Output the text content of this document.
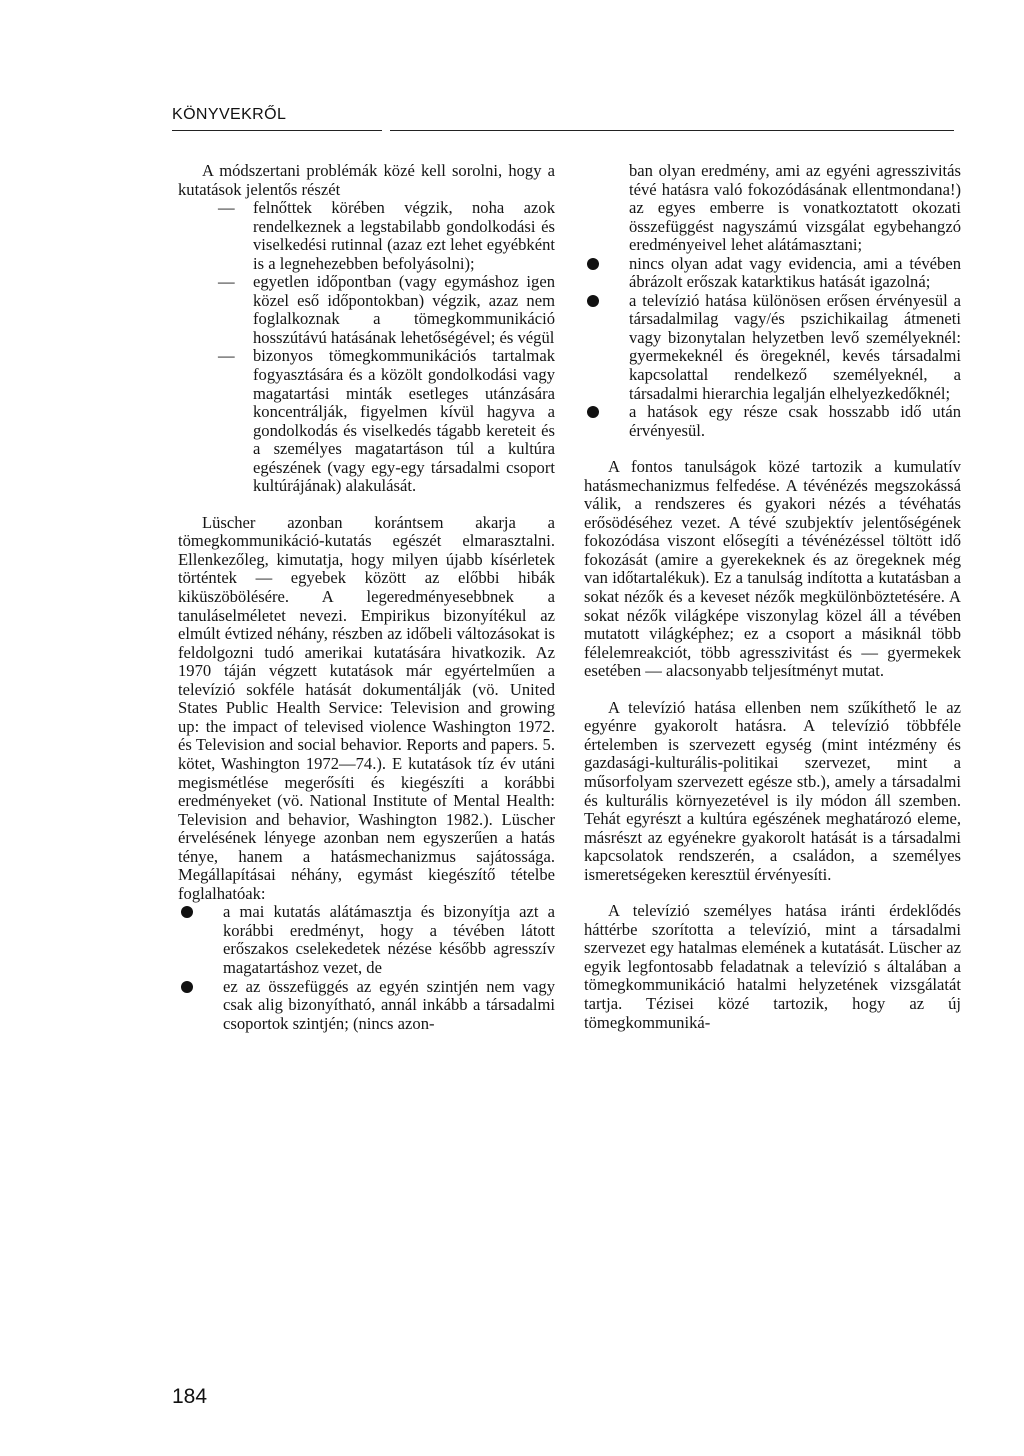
KÖNYVEKRŐL

A módszertani problémák közé kell sorolni, hogy a kutatások jelentős részét

—	felnőttek körében végzik, noha azok rendelkeznek a legstabilabb gondolkodási és viselkedési rutinnal (azaz ezt lehet egyébként is a legnehezebben befolyásolni);
—	egyetlen időpontban (vagy egymáshoz igen közel eső időpontokban) végzik, azaz nem foglalkoznak a tömegkommunikáció hosszútávú hatásának lehetőségével; és végül
—	bizonyos tömegkommunikációs tartalmak fogyasztására és a közölt gondolkodási vagy magatartási minták esetleges utánzására koncentrálják, figyelmen kívül hagyva a gondolkodás és viselkedés tágabb kereteit és a személyes magatartáson túl a kultúra egészének (vagy egy-egy társadalmi csoport kultúrájának) alakulását.

Lüscher azonban korántsem akarja a tömegkommunikáció-kutatás egészét elmarasztalni. Ellenkezőleg, kimutatja, hogy milyen újabb kísérletek történtek — egyebek között az előbbi hibák kiküszöbölésére. A legeredményesebbnek a tanuláselméletet nevezi. Empirikus bizonyítékul az elmúlt évtized néhány, részben az időbeli változásokat is feldolgozni tudó amerikai kutatására hivatkozik. Az 1970 táján végzett kutatások már egyértelműen a televízió sokféle hatását dokumentálják (vö. United States Public Health Service: Television and growing up: the impact of televised violence Washington 1972. és Television and social behavior. Reports and papers. 5. kötet, Washington 1972—74.). E kutatások tíz év utáni megismétlése megerősíti és kiegészíti a korábbi eredményeket (vö. National Institute of Mental Health: Television and behavior, Washington 1982.). Lüscher érvelésének lényege azonban nem egyszerűen a hatás ténye, hanem a hatásmechanizmus sajátossága. Megállapításai néhány, egymást kiegészítő tételbe foglalhatóak:

a mai kutatás alátámasztja és bizonyítja azt a korábbi eredményt, hogy a tévében látott erőszakos cselekedetek nézése később agresszív magatartáshoz vezet, de
ez az összefüggés az egyén szintjén nem vagy csak alig bizonyítható, annál inkább a társadalmi csoportok szintjén; (nincs azon-

ban olyan eredmény, ami az egyéni agresszivitás tévé hatásra való fokozódásának ellentmondana!) az egyes emberre is vonatkoztatott okozati összefüggést nagyszámú vizsgálat egybehangzó eredményeivel lehet alátámasztani;

nincs olyan adat vagy evidencia, ami a tévében ábrázolt erőszak katarktikus hatását igazolná;
a televízió hatása különösen erősen érvényesül a társadalmilag vagy/és pszichikailag átmeneti vagy bizonytalan helyzetben levő személyeknél: gyermekeknél és öregeknél, kevés társadalmi kapcsolattal rendelkező személyeknél, a társadalmi hierarchia legalján elhelyezkedőknél;
a hatások egy része csak hosszabb idő után érvényesül.

A fontos tanulságok közé tartozik a kumulatív hatásmechanizmus felfedése. A tévénézés megszokássá válik, a rendszeres és gyakori nézés a tévéhatás erősödéséhez vezet. A tévé szubjektív jelentőségének fokozódása viszont elősegíti a tévénézéssel töltött idő fokozását (amire a gyerekeknek és az öregeknek még van időtartalékuk). Ez a tanulság indította a kutatásban a sokat nézők és a keveset nézők megkülönböztetésére. A sokat nézők világképe viszonylag közel áll a tévében mutatott világképhez; ez a csoport a másiknál több félelemreakciót, több agresszivitást és — gyermekek esetében — alacsonyabb teljesítményt mutat.

A televízió hatása ellenben nem szűkíthető le az egyénre gyakorolt hatásra. A televízió többféle értelemben is szervezett egység (mint intézmény és gazdasági-kulturális-politikai szervezet, mint a műsorfolyam szervezett egésze stb.), amely a társadalmi és kulturális környezetével is ily módon áll szemben. Tehát egyrészt a kultúra egészének meghatározó eleme, másrészt az egyénekre gyakorolt hatását is a társadalmi kapcsolatok rendszerén, a családon, a személyes ismeretségeken keresztül érvényesíti.

A televízió személyes hatása iránti érdeklődés háttérbe szorította a televízió, mint a társadalmi szervezet egy hatalmas elemének a kutatását. Lüscher az egyik legfontosabb feladatnak a televízió s általában a tömegkommunikáció hatalmi helyzetének vizsgálatát tartja. Tézisei közé tartozik, hogy az új tömegkommuniká-

184
